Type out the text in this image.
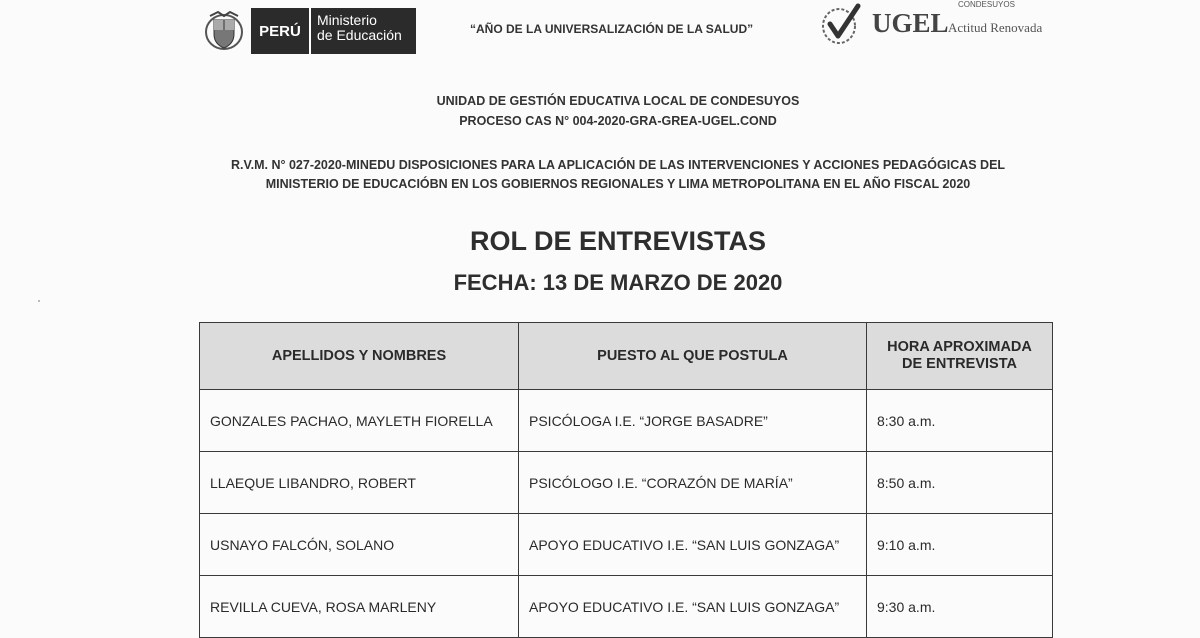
PERÚ
Ministerio
de Educación	“AÑO DE LA UNIVERSALIZACIÓN DE LA SALUD”	UGEL
CONDESUYOS
Actitud Renovada
UNIDAD DE GESTIÓN EDUCATIVA LOCAL DE CONDESUYOS
PROCESO CAS N° 004-2020-GRA-GREA-UGEL.COND
R.V.M. N° 027-2020-MINEDU DISPOSICIONES PARA LA APLICACIÓN DE LAS INTERVENCIONES Y ACCIONES PEDAGÓGICAS DEL
MINISTERIO DE EDUCACIÓBN EN LOS GOBIERNOS REGIONALES Y LIMA METROPOLITANA EN EL AÑO FISCAL 2020
ROL DE ENTREVISTAS
FECHA: 13 DE MARZO DE 2020
APELLIDOS Y NOMBRES	PUESTO AL QUE POSTULA	HORA APROXIMADA
DE ENTREVISTA

GONZALES PACHAO, MAYLETH FIORELLA	PSICÓLOGA I.E. “JORGE BASADRE”	8:30 a.m.
LLAEQUE LIBANDRO, ROBERT	PSICÓLOGO I.E. “CORAZÓN DE MARÍA”	8:50 a.m.
USNAYO FALCÓN, SOLANO	APOYO EDUCATIVO I.E. “SAN LUIS GONZAGA”	9:10 a.m.
REVILLA CUEVA, ROSA MARLENY	APOYO EDUCATIVO I.E. “SAN LUIS GONZAGA”	9:30 a.m.
